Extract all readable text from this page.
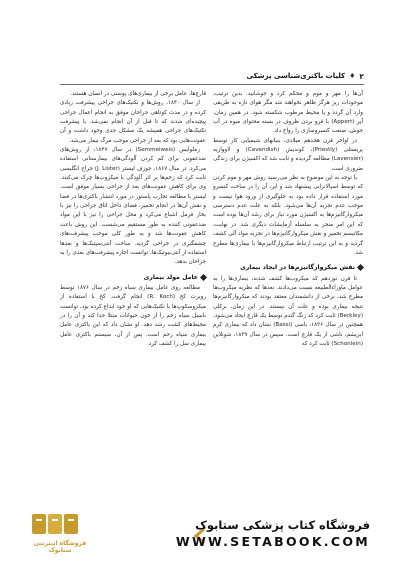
۲
♦
کلیات باکتری‌شناسی پزشکی

آن‌ها را مهر و موم و محکم کرد و جوشانید. بدین ترتیب، موجودات ریز هرگز ظاهر نخواهند شد مگر هوای تازه به طریقی وارد آن گردد و یا محیط مرطوب شکسته شود. در همین زمان، آپر (Appert) با قرو بردن ظروف در بسته محتوای میوه در آب جوش، صنعت کنسروسازی را رواج داد.

در اواخر قرن هجدهم میلادی، بنیانهای شیمیایی کار توسط پریستلی (Priestly)، کوندیش (Cavendish) و لاووازیه (Lavensier) مطالعه گردیده و ثابت شد که اکسیژن برای زندگی ضروری است.

با توجه به این موضوع به نظر می‌رسید روش مهر و موم کردن که توسط اسپالانزانی پیشنهاد شد و اپر، آن را در ساخت کنسرو مورد استفاده قرار داده بود به جلوگیری از ورود هوا نیست و موجب عدم تجزیه آن‌ها می‌شود. بلکه به علت عدم دسترسی میکروارگانیزم‌ها به اکسیژن مورد نیاز برای رشد آن‌ها بوده است که این امر منجر به سلسله آزمایشات دیگری شد. در نهایت، مکانیسم تخمیر و نقش میکروارگانیزم‌ها در تجزیه مواد آلی کشف گردید و به این ترتیب ارتباط میکروارگانیزم‌ها با بیماری‌ها مطرح شد.

نقش میکروارگانیزم‌ها در ایجاد بیماری

تا قرن نوزدهم که میکروب‌ها کشف شدند، بیماری‌ها را به عوامل ماوراءالطبیعه نسبت می‌دادند. بعدها که نظریه میکروب‌ها مطرح شد، برخی از دانشمندان معتقد بودند که میکروارگانیزم‌ها نتیجه بیماری بوده و علت آن نیستند. در این زمان، برکلی (Berkley) ثابت کرد که زنگ گندم توسط یک قارچ ایجاد می‌شود. همچنین در سال ۱۸۳۶، باسی (Bassi) نشان داد که بیماری کرم ابریشم، ناشی از یک قارچ است. سپس در سال ۱۸۳۹، شونلاین (Schonlein) ثابت کرد که

قارچ‌ها، عامل برخی از بیماری‌های پوستی در انسان هستند.

از سال ۱۸۴۰، روش‌ها و تکنیک‌های جراحی پیشرفت زیادی کرده و در مدت کوتاهی جراحان موفق به انجام اعمال جراحی پیچیده‌ای شدند که تا قبل از آن انجام نمی‌شد. با پیشرفت تکنیک‌های جراحی همیشه یک مشکل جدی وجود داشت و آن عفونت‌هایی بود که بعد از جراحی موجب مرگ بیمار می‌شد.

زملوایس (Semmelweis) در سال ۱۸۴۷، از روش‌های ضدعفونی برای کم کردن آلودگی‌های بیمارستانی استفاده می‌کرد. در سال ۱۸۶۷، جوزف لیستر (J. Lister) جراح انگلیسی ثابت کرد که زخم‌ها بر اثر آلودگی با میکروب‌ها چرک می‌کنند. وی برای کاهش عفونت‌های بعد از جراحی بسیار موفق است. لیستر با مطالعه تجارب پاستور در مورد انتشار باکتری‌ها در فضا و نقش آن‌ها در انجام تخمیر، فضای داخل اتاق جراحی را نیز با بخار فرمل اشباع می‌کرد و محل جراحی را نیز با این مواد ضدعفونی کننده به طور مستقیم می‌شست. این روش باعث کاهش عفونت‌ها شد و به طور کلی موجب پیشرفت‌های چشمگیری در جراحی گردید. ساخت آنتی‌سپتیک‌ها و بعدها استفاده از آنتی‌بیوتیک‌ها، توانست اجازه پیشرفت‌های بعدی را به جراحان بدهد.

عامل مولد بیماری

مطالعه روی عامل بیماری سیاه زخم در سال ۱۸۷۶ توسط روبرت کخ (R. Koch) انجام گرفت. کخ با استفاده از میکروسکوپ‌ها با تکنیک‌هایی که او خود ابداع کرده بود، توانست باسیل سیاه زخم را از خون حیوانات مبتلا جدا کند و آن را در محیط‌های کشت رشد دهد. او نشان داد که این باکتری عامل بیماری سیاه زخم است. پس از آن، سیستم باکتری عامل بیماری سل را کشف کرد.

فروشگاه اینترنتی ستابوک
فروشگاه کتاب پزشکی ستابوک
WWW.SETABOOK.COM
